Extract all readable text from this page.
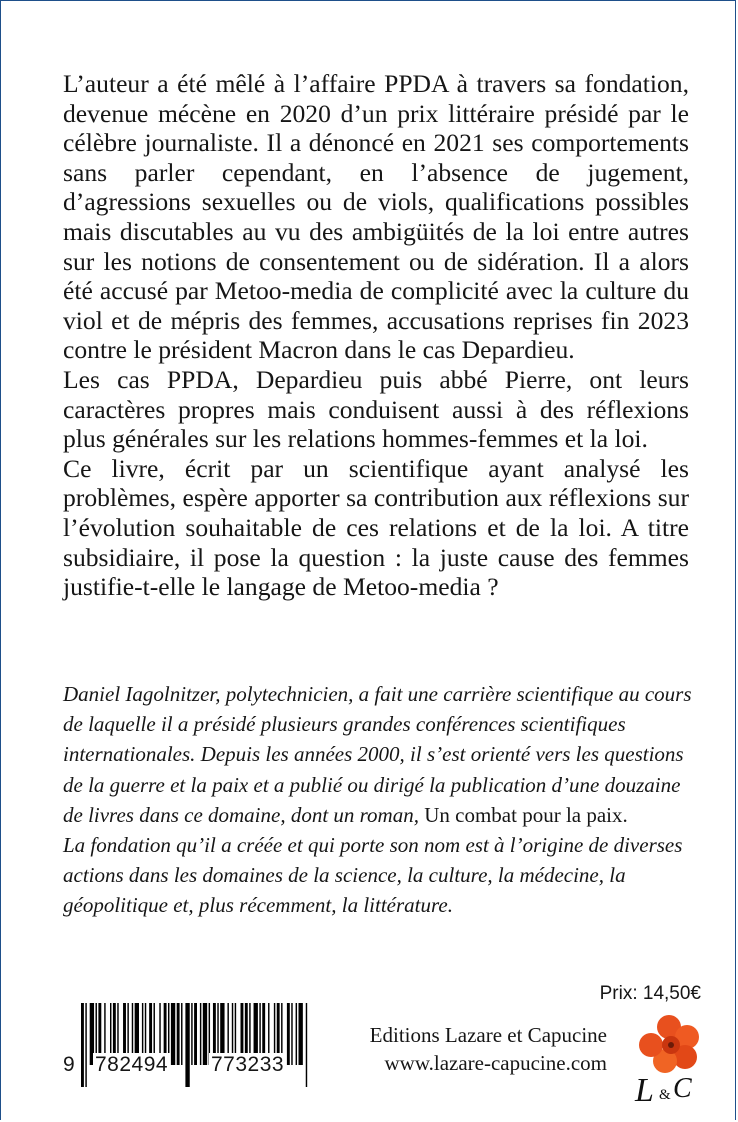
L’auteur a été mêlé à l’affaire PPDA à travers sa fondation, devenue mécène en 2020 d’un prix littéraire présidé par le célèbre journaliste. Il a dénoncé en 2021 ses comportements sans parler cependant, en l’absence de jugement, d’agressions sexuelles ou de viols, qualifications possibles mais discutables au vu des ambigüités de la loi entre autres sur les notions de consentement ou de sidération. Il a alors été accusé par Metoo-media de complicité avec la culture du viol et de mépris des femmes, accusations reprises fin 2023 contre le président Macron dans le cas Depardieu.

Les cas PPDA, Depardieu puis abbé Pierre, ont leurs caractères propres mais conduisent aussi à des réflexions plus générales sur les relations hommes-femmes et la loi.

Ce livre, écrit par un scientifique ayant analysé les problèmes, espère apporter sa contribution aux réflexions sur l’évolution souhaitable de ces relations et de la loi. A titre subsidiaire, il pose la question : la juste cause des femmes justifie-t-elle le langage de Metoo-media ?

Daniel Iagolnitzer, polytechnicien, a fait une carrière scientifique au cours de laquelle il a présidé plusieurs grandes conférences scientifiques internationales. Depuis les années 2000, il s’est orienté vers les questions de la guerre et la paix et a publié ou dirigé la publication d’une douzaine de livres dans ce domaine, dont un roman, Un combat pour la paix.

La fondation qu’il a créée et qui porte son nom est à l’origine de diverses actions dans les domaines de la science, la culture, la médecine, la géopolitique et, plus récemment, la littérature.

Prix: 14,50€
9 782494 773233
Editions Lazare et Capucine
www.lazare-capucine.com
L & C
